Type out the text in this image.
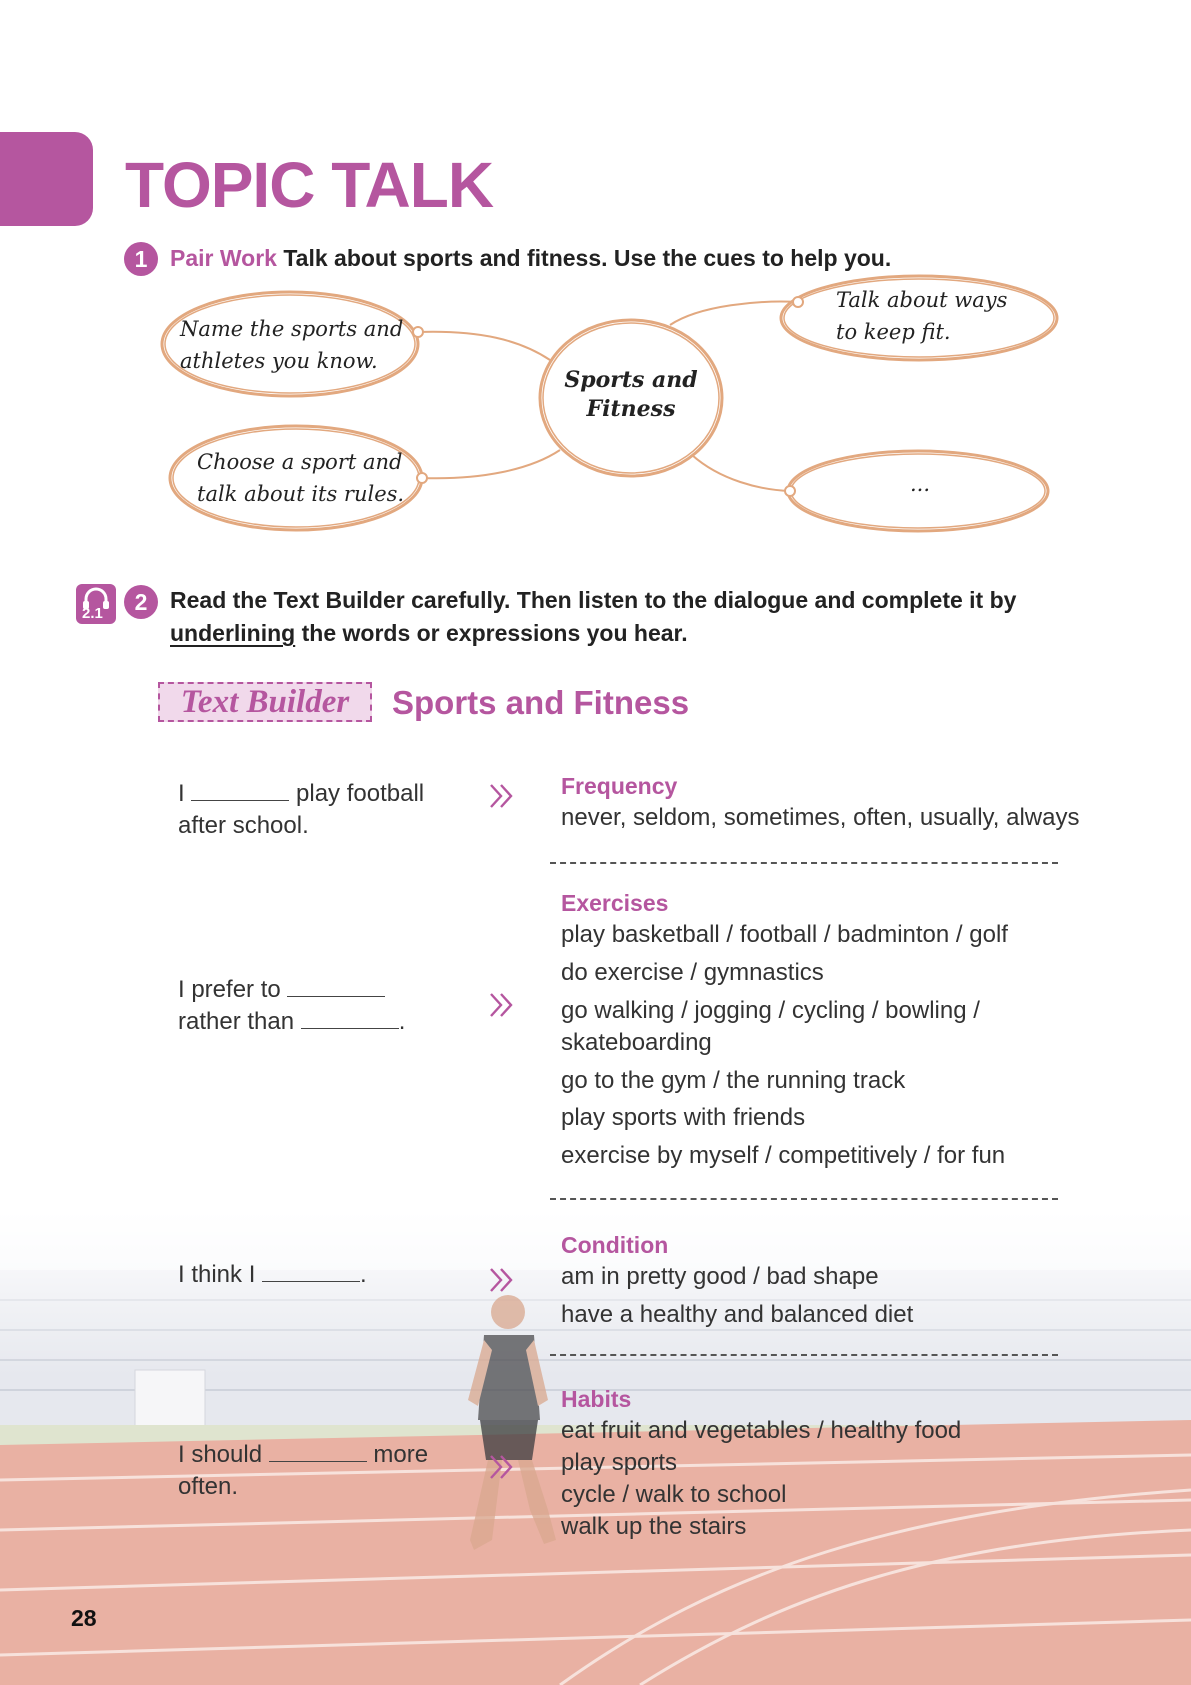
TOPIC TALK
1 Pair Work Talk about sports and fitness. Use the cues to help you.
Name the sports and
athletes you know.
Choose a sport and
talk about its rules.
Sports and
Fitness
Talk about ways
to keep fit.
...
2.1	2 Read the Text Builder carefully. Then listen to the dialogue and complete it by
underlining the words or expressions you hear.
Text Builder	Sports and Fitness
I	play football
after school.
Frequency
never, seldom, sometimes, often, usually, always
I prefer to
rather than	.
Exercises
play basketball / football / badminton / golf
do exercise / gymnastics
go walking / jogging / cycling / bowling /
skateboarding
go to the gym / the running track
play sports with friends
exercise by myself / competitively / for fun
I think I	.
Condition
am in pretty good / bad shape
have a healthy and balanced diet
I should	more
often.
Habits
eat fruit and vegetables / healthy food
play sports
cycle / walk to school
walk up the stairs
28
